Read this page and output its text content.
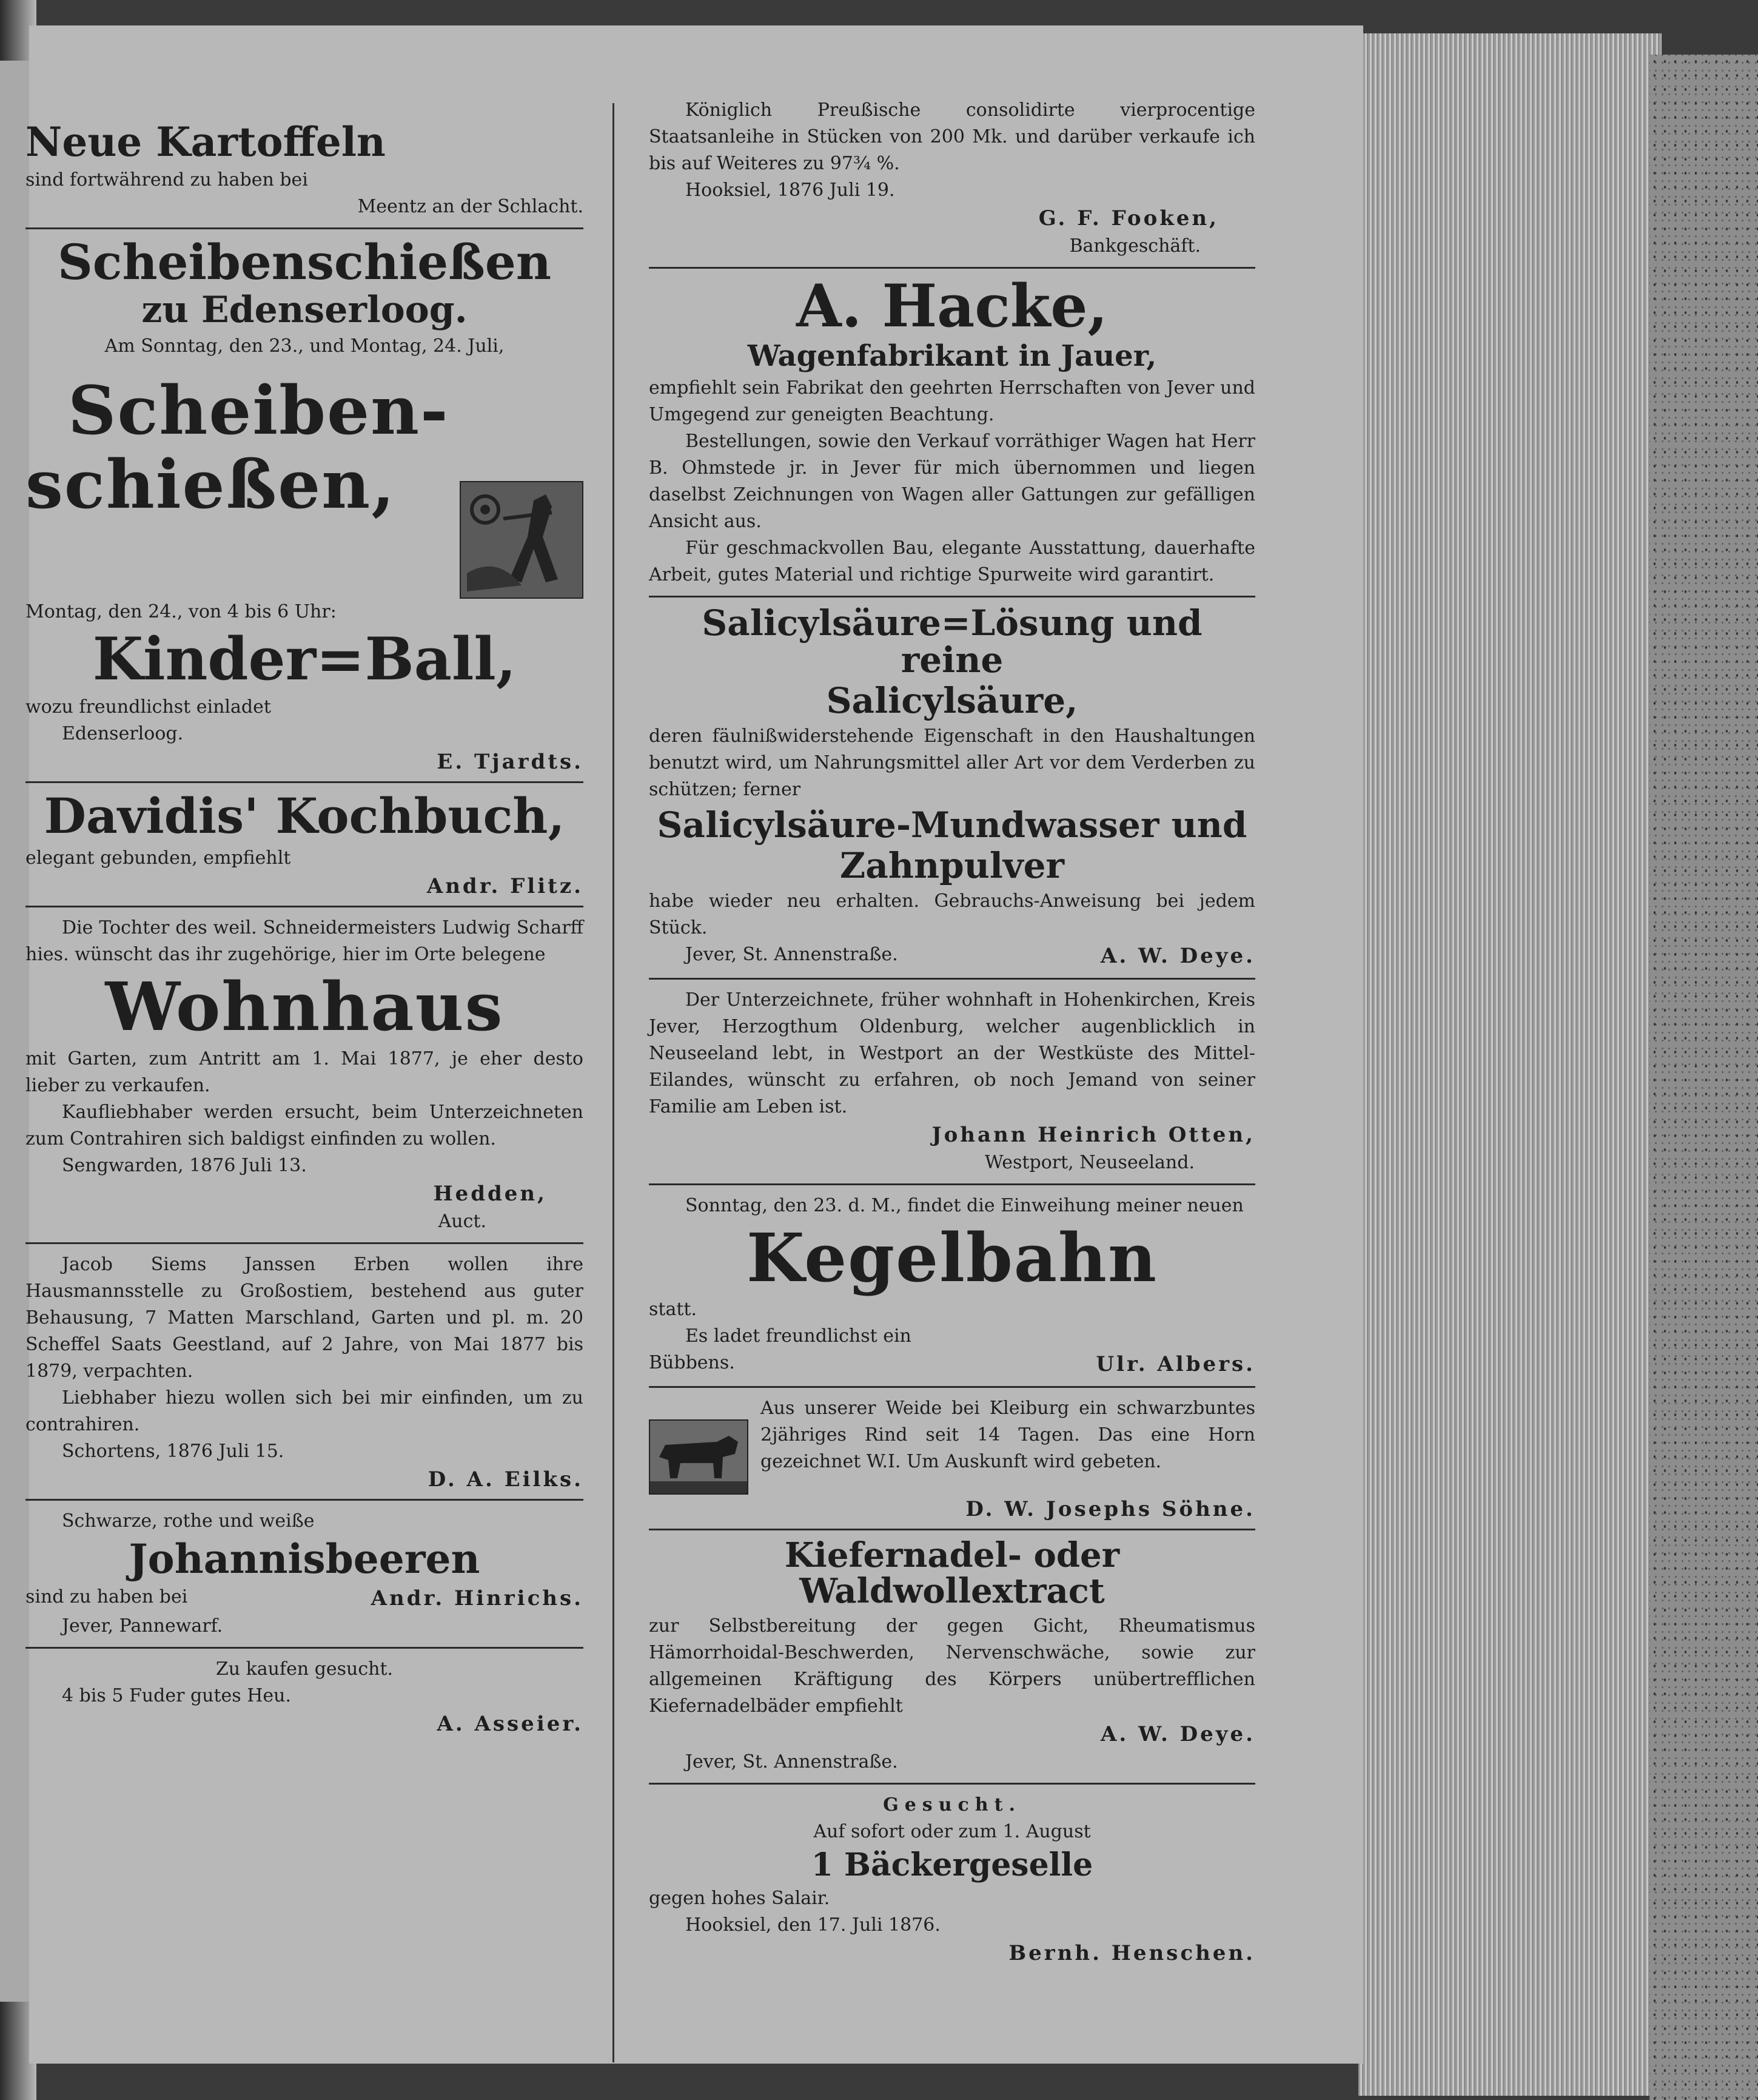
Neue Kartoffeln

sind fortwährend zu haben bei

Meentz an der Schlacht.

Scheibenschießen

zu Edenserloog.

Am Sonntag, den 23., und Montag, 24. Juli,

Scheiben-

schießen,

Montag, den 24., von 4 bis 6 Uhr:

Kinder=Ball,

wozu freundlichst einladet

Edenserloog.

E. Tjardts.

Davidis' Kochbuch,

elegant gebunden, empfiehlt

Andr. Flitz.

Die Tochter des weil. Schneidermeisters Ludwig Scharff hies. wünscht das ihr zugehörige, hier im Orte belegene

Wohnhaus

mit Garten, zum Antritt am 1. Mai 1877, je eher desto lieber zu verkaufen.

Kaufliebhaber werden ersucht, beim Unterzeichneten zum Contrahiren sich baldigst einfinden zu wollen.

Sengwarden, 1876 Juli 13.

Hedden,

Auct.

Jacob Siems Janssen Erben wollen ihre Hausmannsstelle zu Großostiem, bestehend aus guter Behausung, 7 Matten Marschland, Garten und pl. m. 20 Scheffel Saats Geestland, auf 2 Jahre, von Mai 1877 bis 1879, verpachten.

Liebhaber hiezu wollen sich bei mir einfinden, um zu contrahiren.

Schortens, 1876 Juli 15.

D. A. Eilks.

Schwarze, rothe und weiße

Johannisbeeren

sind zu haben bei	Andr. Hinrichs.

Jever, Pannewarf.

Zu kaufen gesucht.

4 bis 5 Fuder gutes Heu.

A. Asseier.

Königlich Preußische consolidirte vierprocentige Staatsanleihe in Stücken von 200 Mk. und darüber verkaufe ich bis auf Weiteres zu 97¾ %.

Hooksiel, 1876 Juli 19.

G. F. Fooken,

Bankgeschäft.

A. Hacke,

Wagenfabrikant in Jauer,

empfiehlt sein Fabrikat den geehrten Herrschaften von Jever und Umgegend zur geneigten Beachtung.

Bestellungen, sowie den Verkauf vorräthiger Wagen hat Herr B. Ohmstede jr. in Jever für mich übernommen und liegen daselbst Zeichnungen von Wagen aller Gattungen zur gefälligen Ansicht aus.

Für geschmackvollen Bau, elegante Ausstattung, dauerhafte Arbeit, gutes Material und richtige Spurweite wird garantirt.

Salicylsäure=Lösung und reine

Salicylsäure,

deren fäulnißwiderstehende Eigenschaft in den Haushaltungen benutzt wird, um Nahrungsmittel aller Art vor dem Verderben zu schützen; ferner

Salicylsäure-Mundwasser und

Zahnpulver

habe wieder neu erhalten. Gebrauchs-Anweisung bei jedem Stück.

Jever, St. Annenstraße.	A. W. Deye.

Der Unterzeichnete, früher wohnhaft in Hohenkirchen, Kreis Jever, Herzogthum Oldenburg, welcher augenblicklich in Neuseeland lebt, in Westport an der Westküste des Mittel-Eilandes, wünscht zu erfahren, ob noch Jemand von seiner Familie am Leben ist.

Johann Heinrich Otten,

Westport, Neuseeland.

Sonntag, den 23. d. M., findet die Einweihung meiner neuen

Kegelbahn

statt.

Es ladet freundlichst ein

Bübbens.	Ulr. Albers.

Aus unserer Weide bei Kleiburg ein schwarzbuntes 2jähriges Rind seit 14 Tagen. Das eine Horn gezeichnet W.I. Um Auskunft wird gebeten.

D. W. Josephs Söhne.

Kiefernadel- oder Waldwollextract

zur Selbstbereitung der gegen Gicht, Rheumatismus Hämorrhoidal-Beschwerden, Nervenschwäche, sowie zur allgemeinen Kräftigung des Körpers unübertrefflichen Kiefernadelbäder empfiehlt

A. W. Deye.

Jever, St. Annenstraße.

Gesucht.

Auf sofort oder zum 1. August

1 Bäckergeselle

gegen hohes Salair.

Hooksiel, den 17. Juli 1876.

Bernh. Henschen.
